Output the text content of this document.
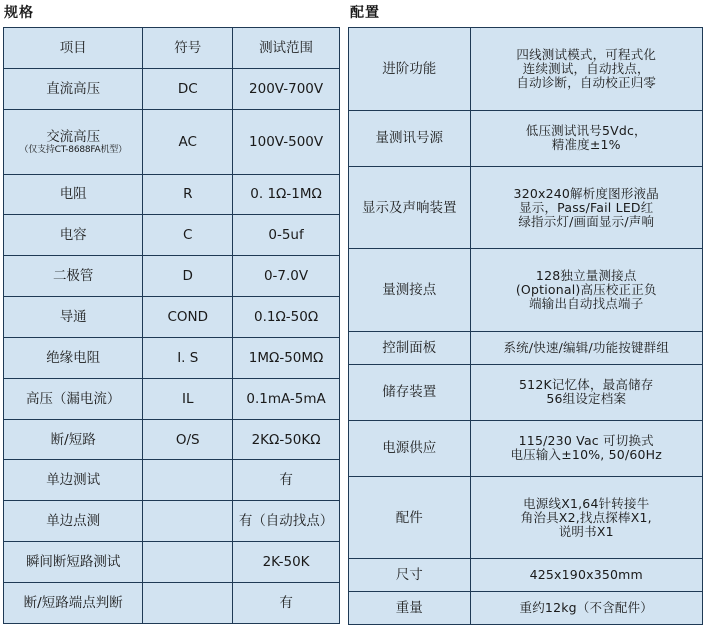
规格	配置
项目	符号	测试范围
直流高压	DC	200V-700V
交流高压
（仅支持CT-8688FA机型）	AC	100V-500V
电阻	R	0. 1Ω-1MΩ
电容	C	0-5uf
二极管	D	0-7.0V
导通	COND	0.1Ω-50Ω
绝缘电阻	I. S	1MΩ-50MΩ
高压（漏电流）	IL	0.1mA-5mA
断/短路	O/S	2KΩ-50KΩ
单边测试		有
单边点测		有（自动找点）
瞬间断短路测试		2K-50K
断/短路端点判断		有
进阶功能	四线测试模式，可程式化
连续测试，自动找点，
自动诊断，自动校正归零

量测讯号源	低压测试讯号5Vdc，
精准度±1%

显示及声响装置	320x240解析度图形液晶
显示，Pass/Fail LED红
绿指示灯/画面显示/声响

量测接点	128独立量测接点
(Optional)高压校正正负
端输出自动找点端子

控制面板	系统/快速/编辑/功能按键群组

储存装置	512K记忆体，最高储存
56组设定档案

电源供应	115/230 Vac 可切换式
电压输入±10%, 50/60Hz

配件	电源线X1,64针转接牛
角治具X2,找点探棒X1,
说明书X1

尺寸	425x190x350mm

重量	重约12kg（不含配件）
